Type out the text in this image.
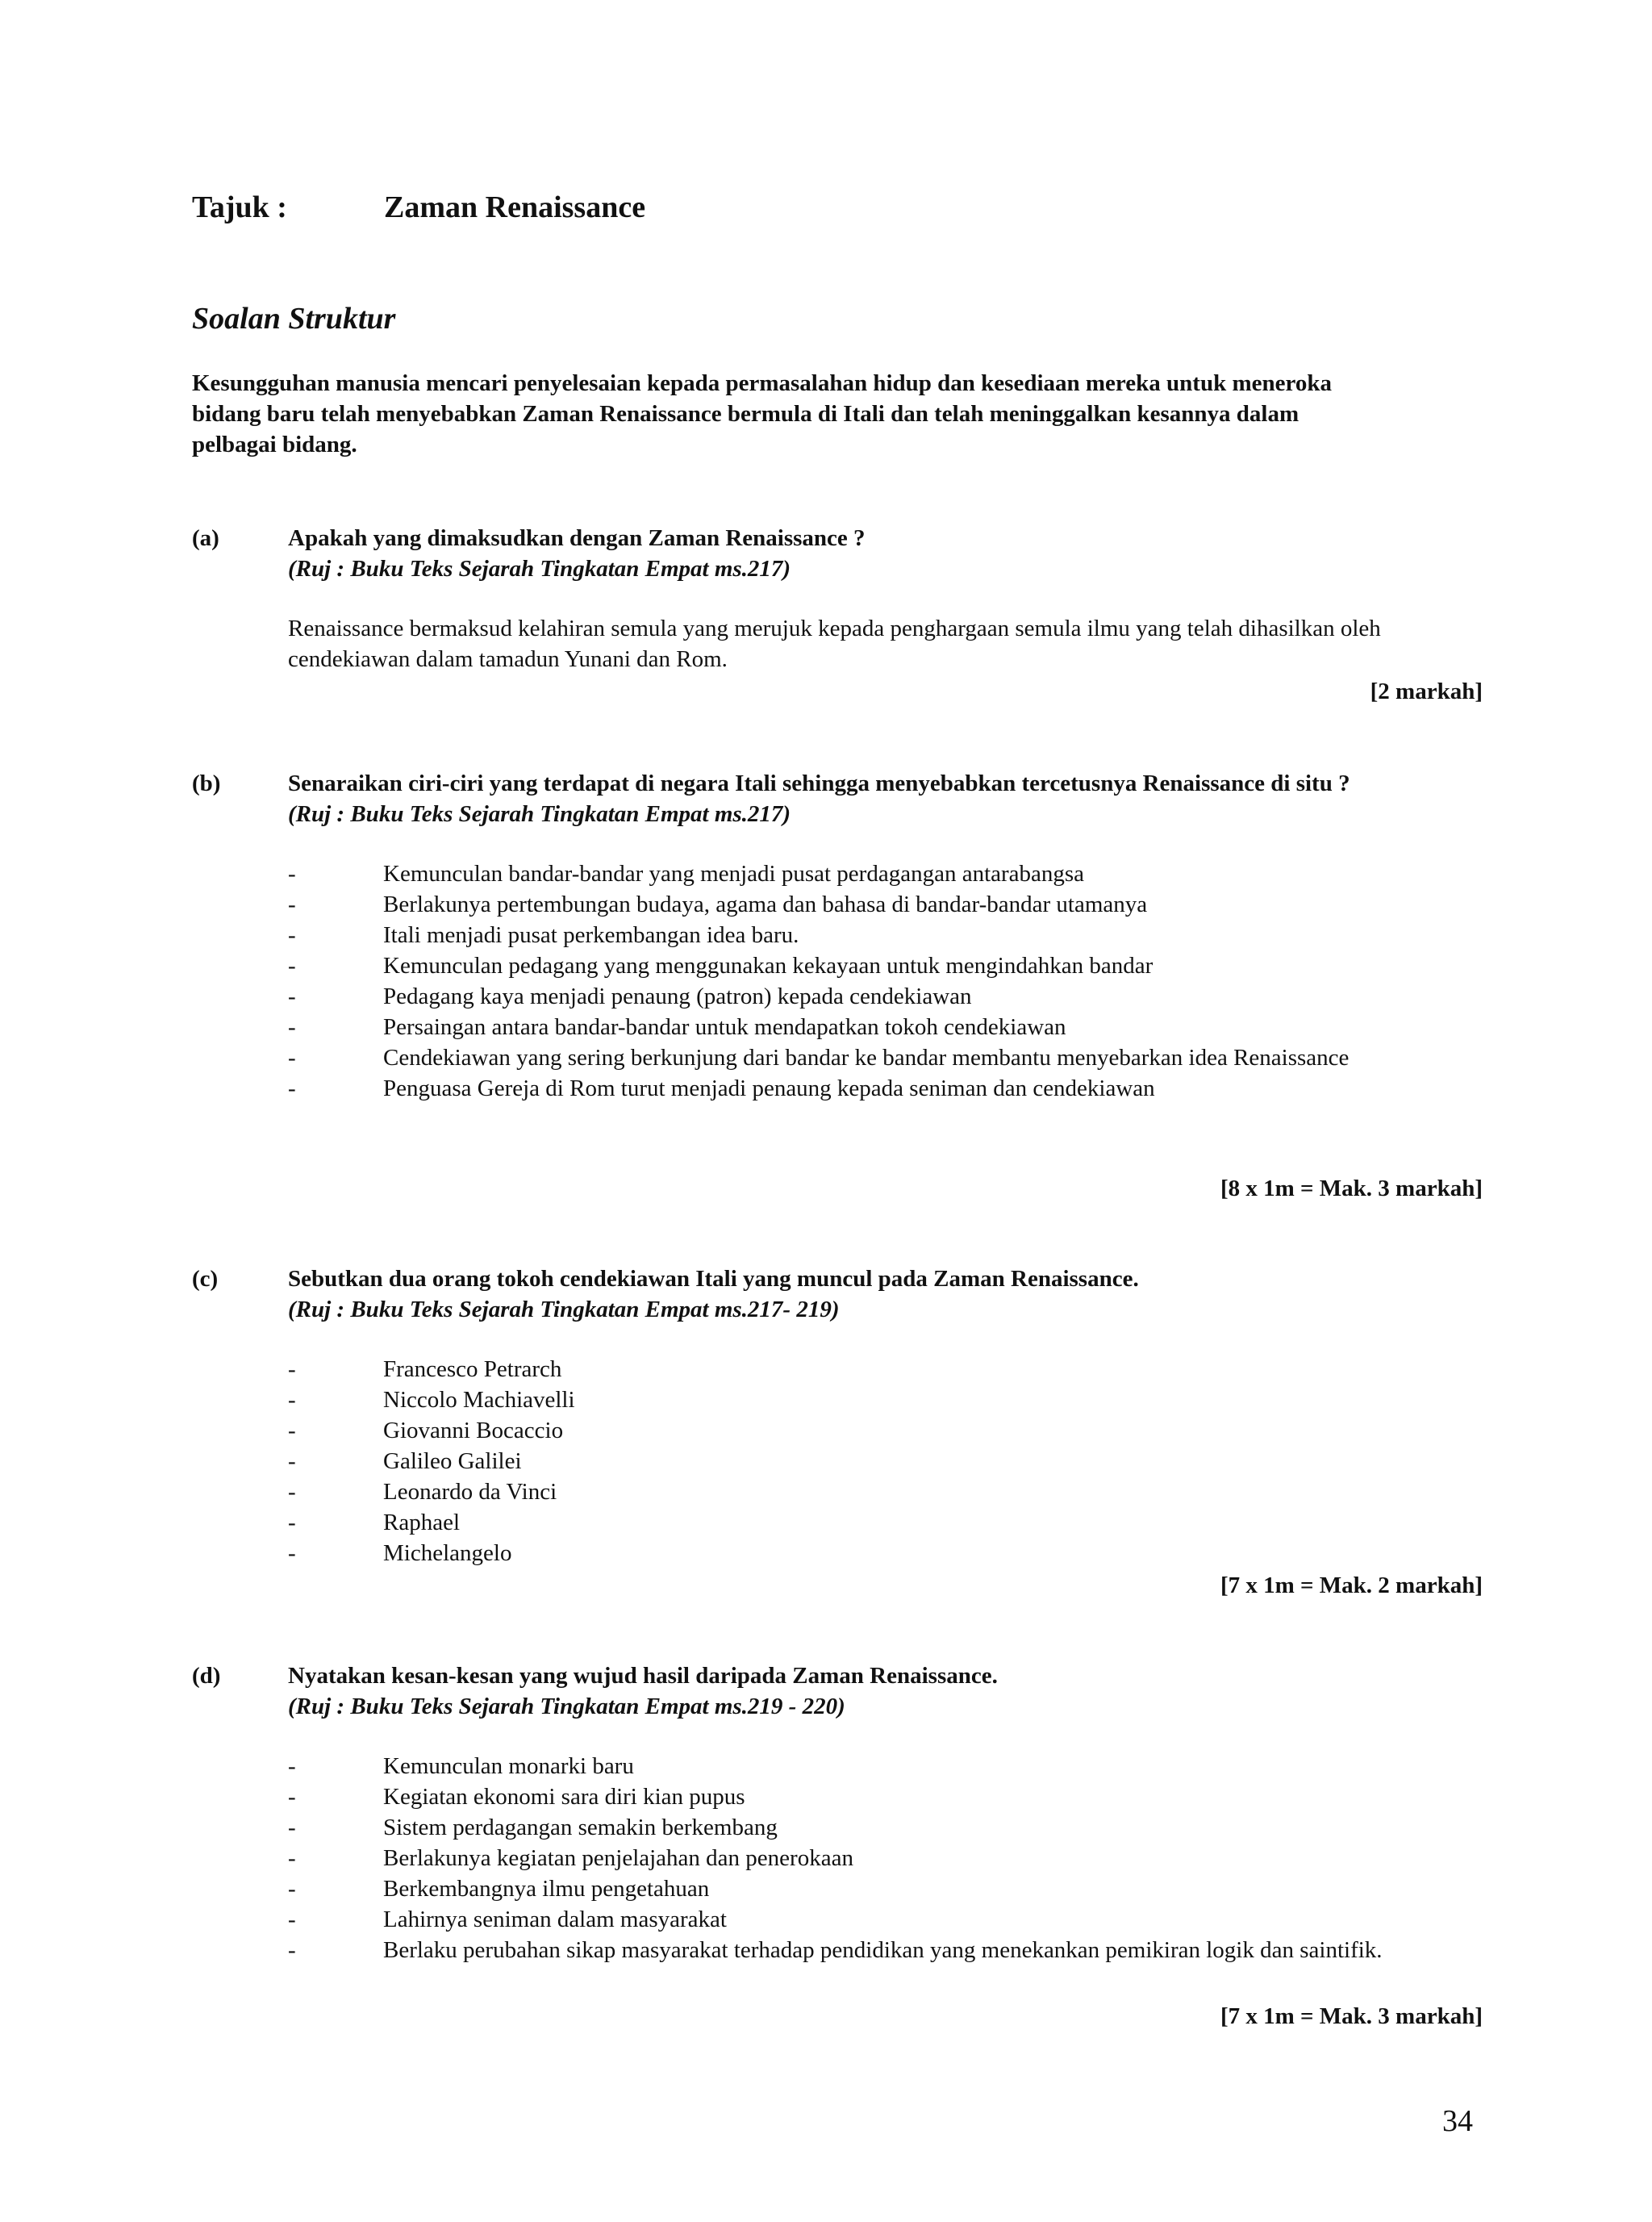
Tajuk :	Zaman Renaissance
Soalan Struktur
Kesungguhan manusia mencari penyelesaian kepada permasalahan hidup dan kesediaan mereka untuk meneroka bidang baru telah menyebabkan Zaman Renaissance bermula di Itali dan telah meninggalkan kesannya dalam pelbagai bidang.
(a)	Apakah yang dimaksudkan dengan Zaman Renaissance ?
(Ruj : Buku Teks Sejarah Tingkatan Empat ms.217)
Renaissance bermaksud kelahiran semula yang merujuk kepada penghargaan semula ilmu yang telah dihasilkan oleh cendekiawan dalam tamadun Yunani dan Rom.
[2 markah]
(b)	Senaraikan ciri-ciri yang terdapat di negara Itali sehingga menyebabkan tercetusnya Renaissance di situ ?
(Ruj : Buku Teks Sejarah Tingkatan Empat ms.217)
-	Kemunculan bandar-bandar yang menjadi pusat perdagangan antarabangsa
-	Berlakunya pertembungan budaya, agama dan bahasa di bandar-bandar utamanya
-	Itali menjadi pusat perkembangan idea baru.
-	Kemunculan pedagang yang menggunakan kekayaan untuk mengindahkan bandar
-	Pedagang kaya menjadi penaung (patron) kepada cendekiawan
-	Persaingan antara bandar-bandar untuk mendapatkan tokoh cendekiawan
-	Cendekiawan yang sering berkunjung dari bandar ke bandar membantu menyebarkan idea Renaissance
-	Penguasa Gereja di Rom turut menjadi penaung kepada seniman dan cendekiawan
[8 x 1m = Mak. 3 markah]
(c)	Sebutkan dua orang tokoh cendekiawan Itali yang muncul pada Zaman Renaissance.
(Ruj : Buku Teks Sejarah Tingkatan Empat ms.217- 219)
-	Francesco Petrarch
-	Niccolo Machiavelli
-	Giovanni Bocaccio
-	Galileo Galilei
-	Leonardo da Vinci
-	Raphael
-	Michelangelo
[7 x 1m = Mak. 2 markah]
(d)	Nyatakan kesan-kesan yang wujud hasil daripada Zaman Renaissance.
(Ruj : Buku Teks Sejarah Tingkatan Empat ms.219 - 220)
-	Kemunculan monarki baru
-	Kegiatan ekonomi sara diri kian pupus
-	Sistem perdagangan semakin berkembang
-	Berlakunya kegiatan penjelajahan dan penerokaan
-	Berkembangnya ilmu pengetahuan
-	Lahirnya seniman dalam masyarakat
-	Berlaku perubahan sikap masyarakat terhadap pendidikan yang menekankan pemikiran logik dan saintifik.
[7 x 1m = Mak. 3 markah]
34
